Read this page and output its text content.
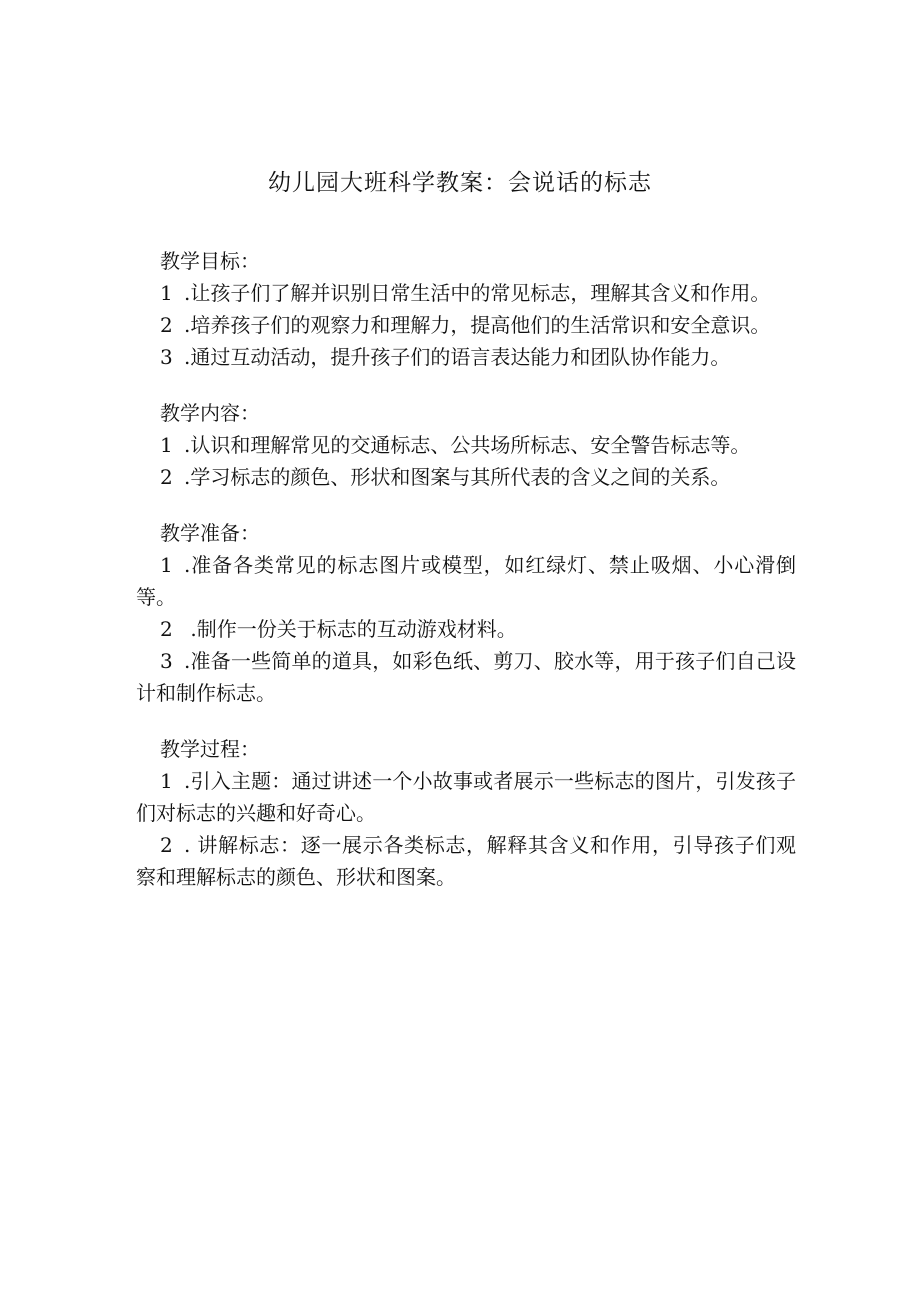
幼儿园大班科学教案：会说话的标志
教学目标：
1 .让孩子们了解并识别日常生活中的常见标志，理解其含义和作用。
2 .培养孩子们的观察力和理解力，提高他们的生活常识和安全意识。
3 .通过互动活动，提升孩子们的语言表达能力和团队协作能力。
教学内容：
1 .认识和理解常见的交通标志、公共场所标志、安全警告标志等。
2 .学习标志的颜色、形状和图案与其所代表的含义之间的关系。
教学准备：
1 .准备各类常见的标志图片或模型，如红绿灯、禁止吸烟、小心滑倒等。
2 .制作一份关于标志的互动游戏材料。
3 .准备一些简单的道具，如彩色纸、剪刀、胶水等，用于孩子们自己设计和制作标志。
教学过程：
1 .引入主题：通过讲述一个小故事或者展示一些标志的图片，引发孩子们对标志的兴趣和好奇心。
2 . 讲解标志：逐一展示各类标志，解释其含义和作用，引导孩子们观察和理解标志的颜色、形状和图案。
